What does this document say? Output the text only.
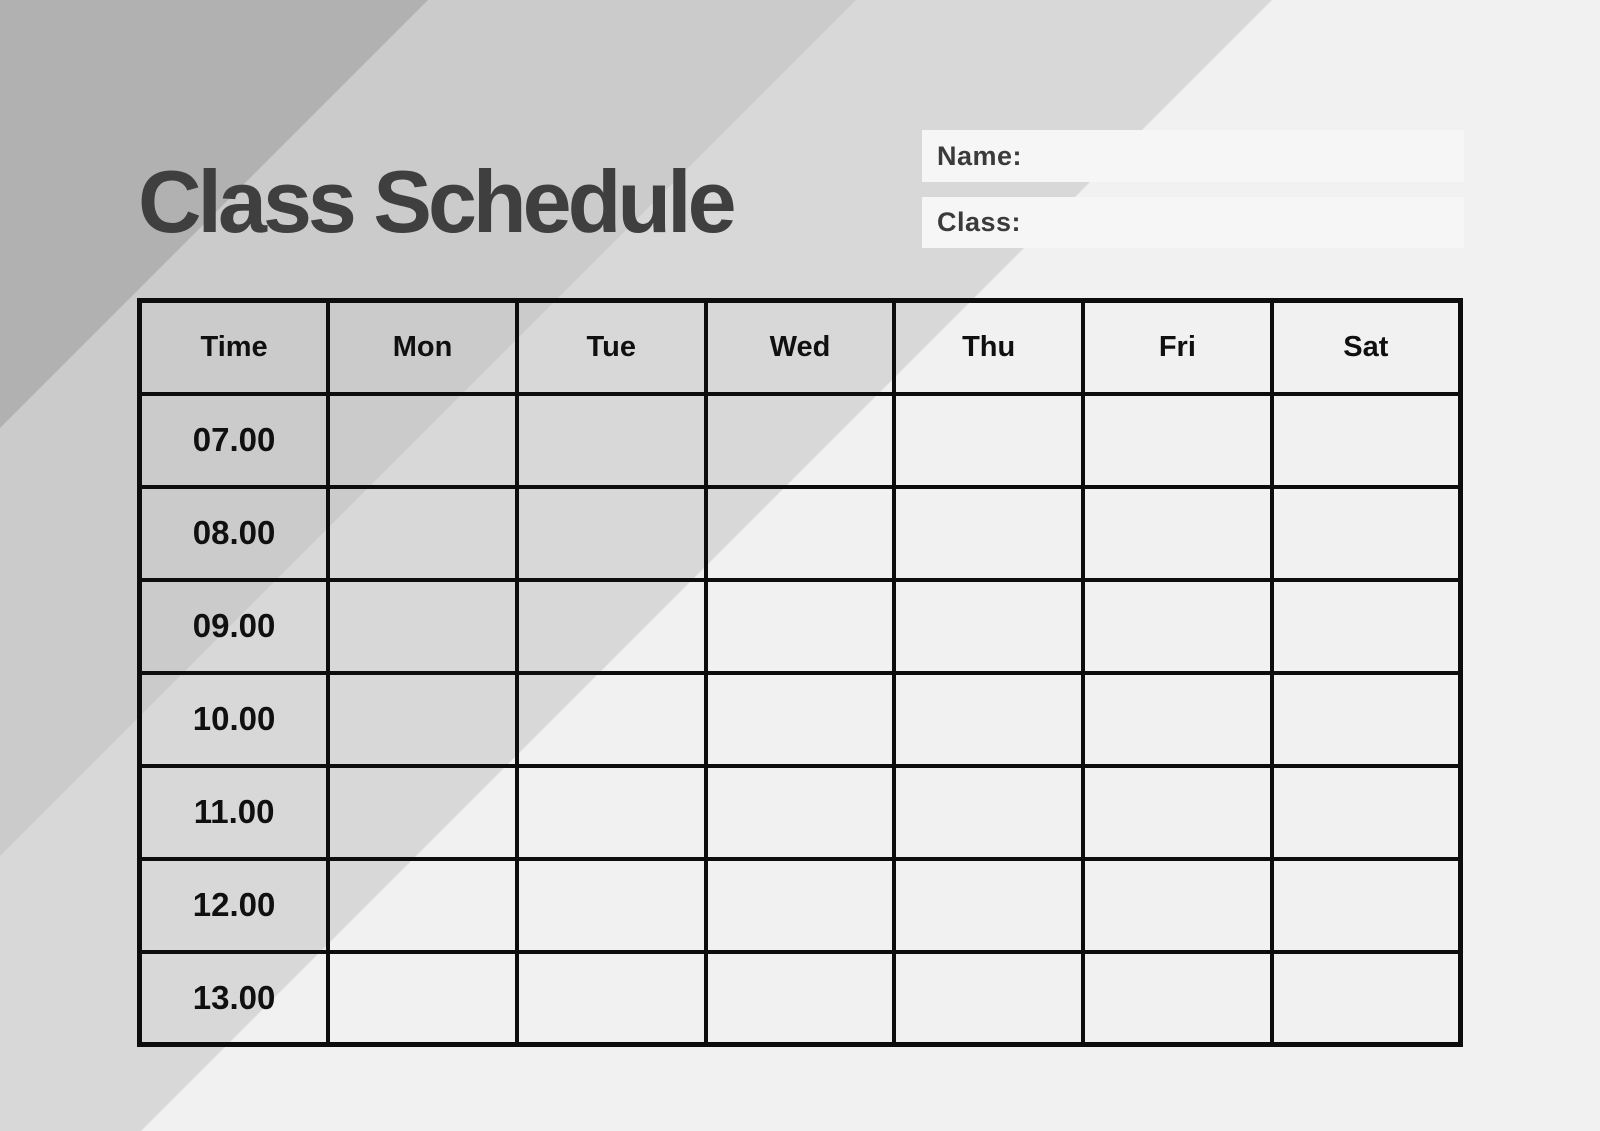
Class Schedule	Name:
Class:
Time	Mon	Tue	Wed	Thu	Fri	Sat
07.00						
08.00						
09.00						
10.00						
11.00						
12.00						
13.00						
